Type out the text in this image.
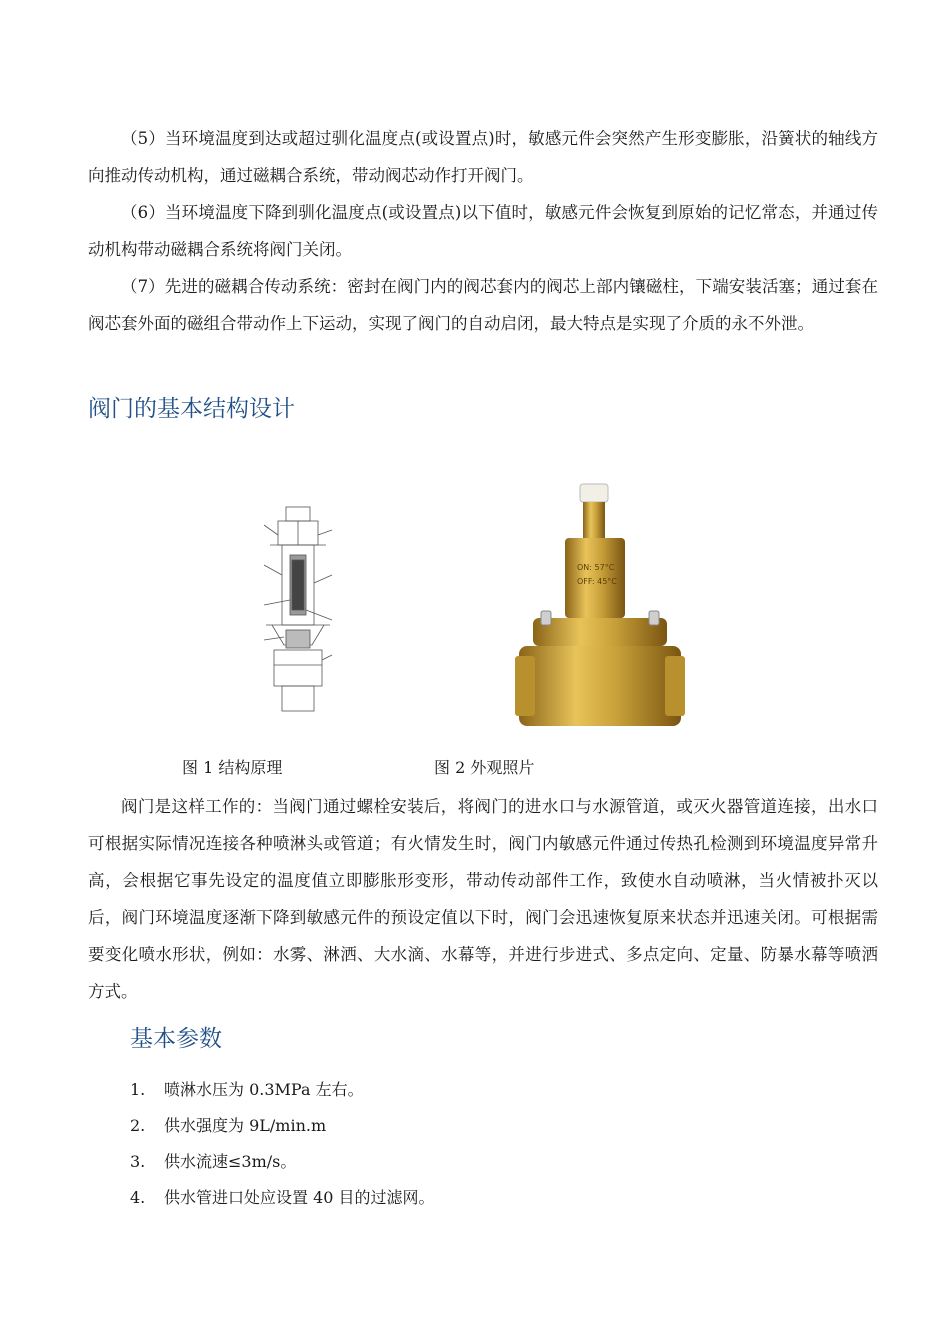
（5）当环境温度到达或超过驯化温度点(或设置点)时，敏感元件会突然产生形变膨胀，沿簧状的轴线方向推动传动机构，通过磁耦合系统，带动阀芯动作打开阀门。

（6）当环境温度下降到驯化温度点(或设置点)以下值时，敏感元件会恢复到原始的记忆常态，并通过传动机构带动磁耦合系统将阀门关闭。

（7）先进的磁耦合传动系统：密封在阀门内的阀芯套内的阀芯上部内镶磁柱，下端安装活塞；通过套在阀芯套外面的磁组合带动作上下运动，实现了阀门的自动启闭，最大特点是实现了介质的永不外泄。

阀门的基本结构设计
ON: 57°C
OFF: 45°C
图 1 结构原理	图 2 外观照片

阀门是这样工作的：当阀门通过螺栓安装后，将阀门的进水口与水源管道，或灭火器管道连接，出水口可根据实际情况连接各种喷淋头或管道；有火情发生时，阀门内敏感元件通过传热孔检测到环境温度异常升高，会根据它事先设定的温度值立即膨胀形变形，带动传动部件工作，致使水自动喷淋，当火情被扑灭以后，阀门环境温度逐渐下降到敏感元件的预设定值以下时，阀门会迅速恢复原来状态并迅速关闭。可根据需要变化喷水形状，例如：水雾、淋洒、大水滴、水幕等，并进行步进式、多点定向、定量、防暴水幕等喷洒方式。

基本参数
1.	喷淋水压为 0.3MPa 左右。
2.	供水强度为 9L/min.m
3.	供水流速≤3m/s。
4.	供水管进口处应设置 40 目的过滤网。
